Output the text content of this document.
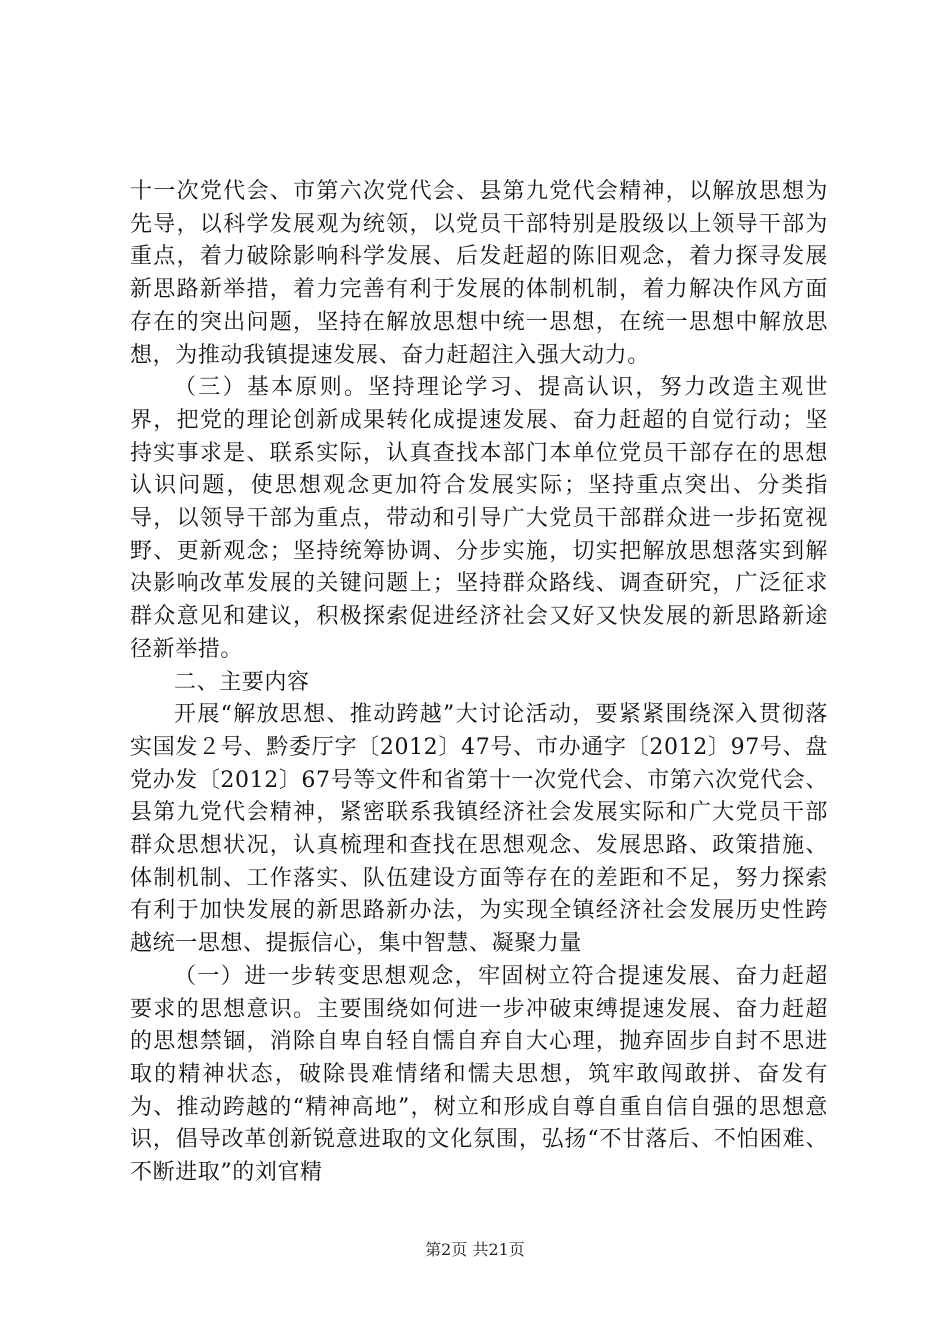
十一次党代会、市第六次党代会、县第九党代会精神，以解放思想为先导，以科学发展观为统领，以党员干部特别是股级以上领导干部为重点，着力破除影响科学发展、后发赶超的陈旧观念，着力探寻发展新思路新举措，着力完善有利于发展的体制机制，着力解决作风方面存在的突出问题，坚持在解放思想中统一思想，在统一思想中解放思想，为推动我镇提速发展、奋力赶超注入强大动力。

（三）基本原则。坚持理论学习、提高认识，努力改造主观世界，把党的理论创新成果转化成提速发展、奋力赶超的自觉行动；坚持实事求是、联系实际，认真查找本部门本单位党员干部存在的思想认识问题，使思想观念更加符合发展实际；坚持重点突出、分类指导，以领导干部为重点，带动和引导广大党员干部群众进一步拓宽视野、更新观念；坚持统筹协调、分步实施，切实把解放思想落实到解决影响改革发展的关键问题上；坚持群众路线、调查研究，广泛征求群众意见和建议，积极探索促进经济社会又好又快发展的新思路新途径新举措。

二、主要内容

开展“解放思想、推动跨越”大讨论活动，要紧紧围绕深入贯彻落实国发２号、黔委厅字〔2012〕47号、市办通字〔2012〕97号、盘党办发〔2012〕67号等文件和省第十一次党代会、市第六次党代会、县第九党代会精神，紧密联系我镇经济社会发展实际和广大党员干部群众思想状况，认真梳理和查找在思想观念、发展思路、政策措施、体制机制、工作落实、队伍建设方面等存在的差距和不足，努力探索有利于加快发展的新思路新办法，为实现全镇经济社会发展历史性跨越统一思想、提振信心，集中智慧、凝聚力量

（一）进一步转变思想观念，牢固树立符合提速发展、奋力赶超要求的思想意识。主要围绕如何进一步冲破束缚提速发展、奋力赶超的思想禁锢，消除自卑自轻自懦自弃自大心理，抛弃固步自封不思进取的精神状态，破除畏难情绪和懦夫思想，筑牢敢闯敢拼、奋发有为、推动跨越的“精神高地”，树立和形成自尊自重自信自强的思想意识，倡导改革创新锐意进取的文化氛围，弘扬“不甘落后、不怕困难、不断进取”的刘官精

第2页 共21页
